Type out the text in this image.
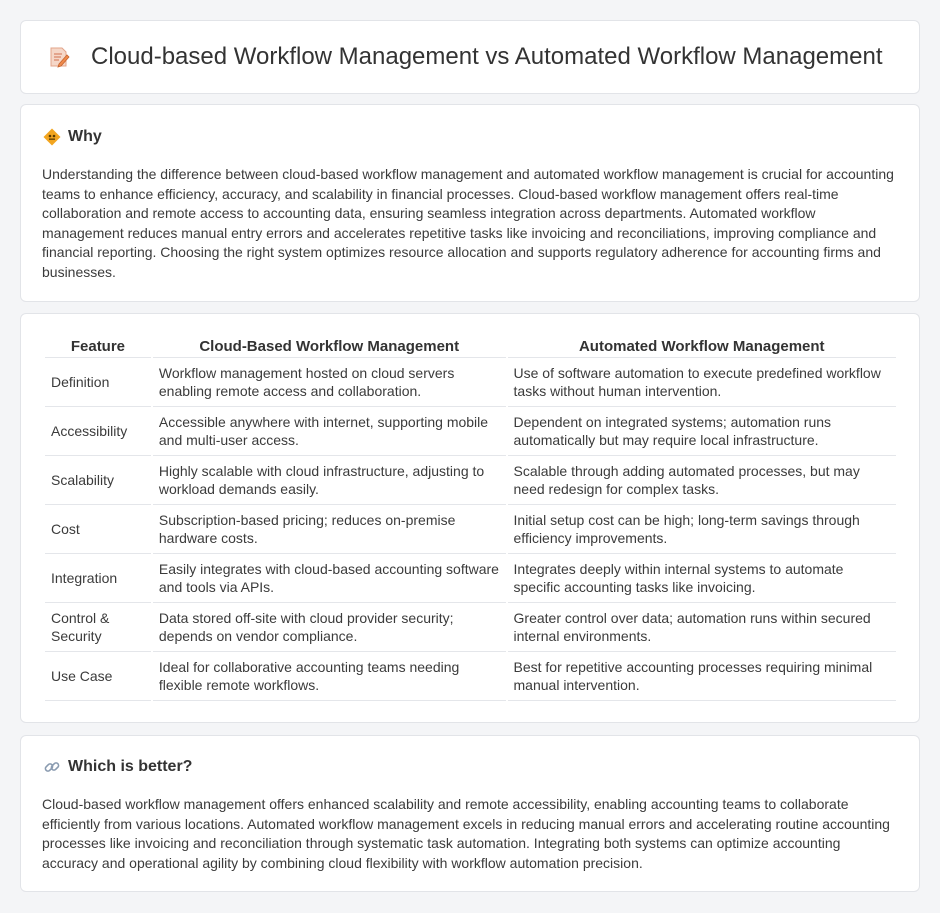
Cloud-based Workflow Management vs Automated Workflow Management
Why

Understanding the difference between cloud-based workflow management and automated workflow management is crucial for accounting teams to enhance efficiency, accuracy, and scalability in financial processes. Cloud-based workflow management offers real-time collaboration and remote access to accounting data, ensuring seamless integration across departments. Automated workflow management reduces manual entry errors and accelerates repetitive tasks like invoicing and reconciliations, improving compliance and financial reporting. Choosing the right system optimizes resource allocation and supports regulatory adherence for accounting firms and businesses.

Feature	Cloud-Based Workflow Management	Automated Workflow Management
Definition	Workflow management hosted on cloud servers enabling remote access and collaboration.	Use of software automation to execute predefined workflow tasks without human intervention.
Accessibility	Accessible anywhere with internet, supporting mobile and multi-user access.	Dependent on integrated systems; automation runs automatically but may require local infrastructure.
Scalability	Highly scalable with cloud infrastructure, adjusting to workload demands easily.	Scalable through adding automated processes, but may need redesign for complex tasks.
Cost	Subscription-based pricing; reduces on-premise hardware costs.	Initial setup cost can be high; long-term savings through efficiency improvements.
Integration	Easily integrates with cloud-based accounting software and tools via APIs.	Integrates deeply within internal systems to automate specific accounting tasks like invoicing.
Control & Security	Data stored off-site with cloud provider security; depends on vendor compliance.	Greater control over data; automation runs within secured internal environments.
Use Case	Ideal for collaborative accounting teams needing flexible remote workflows.	Best for repetitive accounting processes requiring minimal manual intervention.
Which is better?

Cloud-based workflow management offers enhanced scalability and remote accessibility, enabling accounting teams to collaborate efficiently from various locations. Automated workflow management excels in reducing manual errors and accelerating routine accounting processes like invoicing and reconciliation through systematic task automation. Integrating both systems can optimize accounting accuracy and operational agility by combining cloud flexibility with workflow automation precision.
